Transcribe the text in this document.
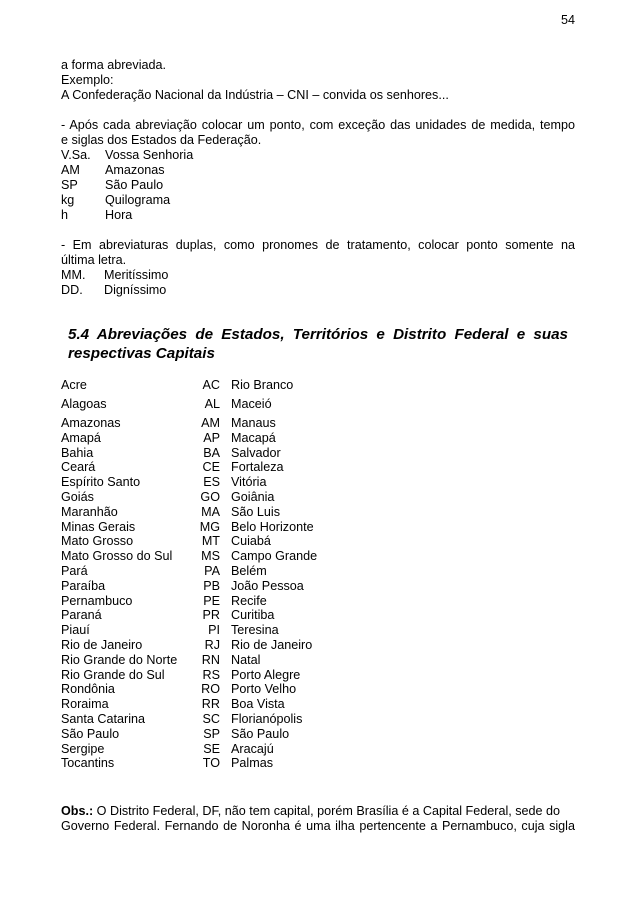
54
a forma abreviada.
Exemplo:
A Confederação Nacional da Indústria – CNI – convida os senhores...
- Após cada abreviação colocar um ponto, com exceção das unidades de medida, tempo
e siglas dos Estados da Federação.
V.Sa.	Vossa Senhoria
AM	Amazonas
SP	São Paulo
kg	Quilograma
h	Hora
- Em abreviaturas duplas, como pronomes de tratamento, colocar ponto somente na
última letra.
MM.	Meritíssimo
DD.	Digníssimo
5.4 Abreviações de Estados, Territórios e Distrito Federal e suas
respectivas Capitais
Acre	AC Rio Branco
Alagoas	AL Maceió
Amazonas	AM Manaus
Amapá	AP Macapá
Bahia	BA Salvador
Ceará	CE Fortaleza
Espírito Santo	ES Vitória
Goiás	GO Goiânia
Maranhão	MA São Luis
Minas Gerais	MG Belo Horizonte
Mato Grosso	MT Cuiabá
Mato Grosso do Sul	MS Campo Grande
Pará	PA Belém
Paraíba	PB João Pessoa
Pernambuco	PE Recife
Paraná	PR Curitiba
Piauí	PI Teresina
Rio de Janeiro	RJ Rio de Janeiro
Rio Grande do Norte	RN Natal
Rio Grande do Sul	RS Porto Alegre
Rondônia	RO Porto Velho
Roraima	RR Boa Vista
Santa Catarina	SC Florianópolis
São Paulo	SP São Paulo
Sergipe	SE Aracajú
Tocantins	TO Palmas
Obs.: O Distrito Federal, DF, não tem capital, porém Brasília é a Capital Federal, sede do
Governo Federal. Fernando de Noronha é uma ilha pertencente a Pernambuco, cuja sigla
